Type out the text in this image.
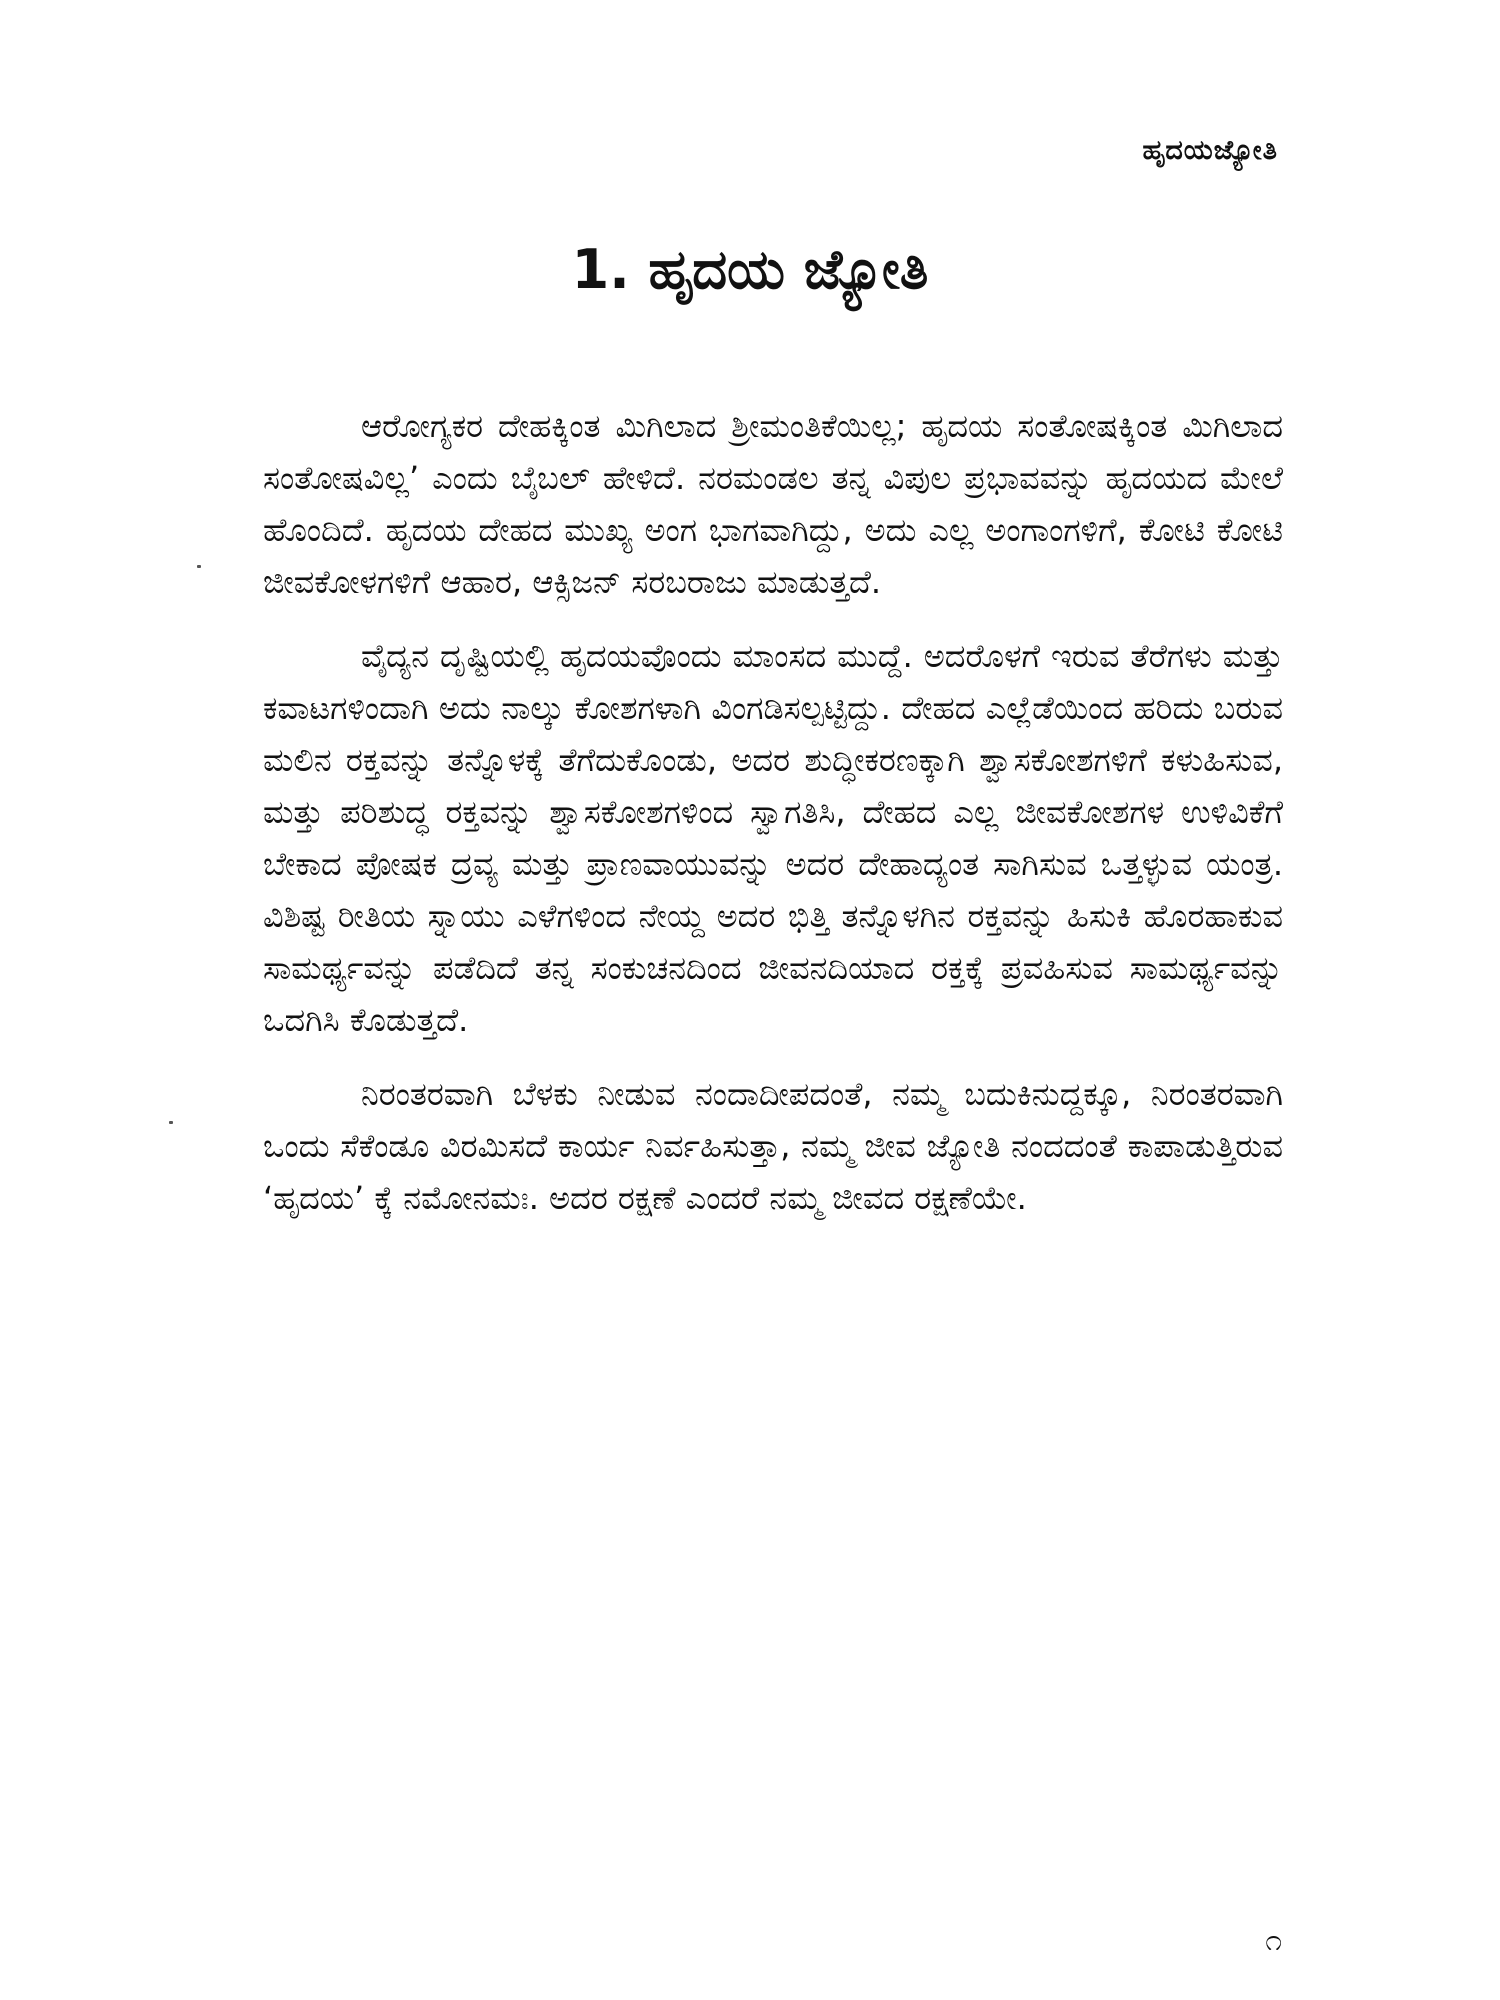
ಹೃದಯಜ್ಯೋತಿ
1. ಹೃದಯ ಜ್ಯೋತಿ

ಆರೋಗ್ಯಕರ ದೇಹಕ್ಕಿಂತ ಮಿಗಿಲಾದ ಶ್ರೀಮಂತಿಕೆಯಿಲ್ಲ; ಹೃದಯ ಸಂತೋಷಕ್ಕಿಂತ ಮಿಗಿಲಾದ ಸಂತೋಷವಿಲ್ಲ’ ಎಂದು ಬೈಬಲ್ ಹೇಳಿದೆ. ನರಮಂಡಲ ತನ್ನ ವಿಪುಲ ಪ್ರಭಾವವನ್ನು ಹೃದಯದ ಮೇಲೆ ಹೊಂದಿದೆ. ಹೃದಯ ದೇಹದ ಮುಖ್ಯ ಅಂಗ ಭಾಗವಾಗಿದ್ದು, ಅದು ಎಲ್ಲ ಅಂಗಾಂಗಳಿಗೆ, ಕೋಟಿ ಕೋಟಿ ಜೀವಕೋಳಗಳಿಗೆ ಆಹಾರ, ಆಕ್ಸಿಜನ್ ಸರಬರಾಜು ಮಾಡುತ್ತದೆ.

ವೈದ್ಯನ ದೃಷ್ಟಿಯಲ್ಲಿ ಹೃದಯವೊಂದು ಮಾಂಸದ ಮುದ್ದೆ. ಅದರೊಳಗೆ ಇರುವ ತೆರೆಗಳು ಮತ್ತು ಕವಾಟಗಳಿಂದಾಗಿ ಅದು ನಾಲ್ಕು ಕೋಶಗಳಾಗಿ ವಿಂಗಡಿಸಲ್ಪಟ್ಟಿದ್ದು. ದೇಹದ ಎಲ್ಲೆಡೆಯಿಂದ ಹರಿದು ಬರುವ ಮಲಿನ ರಕ್ತವನ್ನು ತನ್ನೊಳಕ್ಕೆ ತೆಗೆದುಕೊಂಡು, ಅದರ ಶುದ್ಧೀಕರಣಕ್ಕಾಗಿ ಶ್ವಾಸಕೋಶಗಳಿಗೆ ಕಳುಹಿಸುವ, ಮತ್ತು ಪರಿಶುದ್ಧ ರಕ್ತವನ್ನು ಶ್ವಾಸಕೋಶಗಳಿಂದ ಸ್ವಾಗತಿಸಿ, ದೇಹದ ಎಲ್ಲ ಜೀವಕೋಶಗಳ ಉಳಿವಿಕೆಗೆ ಬೇಕಾದ ಪೋಷಕ ದ್ರವ್ಯ ಮತ್ತು ಪ್ರಾಣವಾಯುವನ್ನು ಅದರ ದೇಹಾದ್ಯಂತ ಸಾಗಿಸುವ ಒತ್ತಳ್ಳುವ ಯಂತ್ರ. ವಿಶಿಷ್ಟ ರೀತಿಯ ಸ್ನಾಯು ಎಳೆಗಳಿಂದ ನೇಯ್ದ ಅದರ ಭಿತ್ತಿ ತನ್ನೊಳಗಿನ ರಕ್ತವನ್ನು ಹಿಸುಕಿ ಹೊರಹಾಕುವ ಸಾಮರ್ಥ್ಯವನ್ನು ಪಡೆದಿದೆ ತನ್ನ ಸಂಕುಚನದಿಂದ ಜೀವನದಿಯಾದ ರಕ್ತಕ್ಕೆ ಪ್ರವಹಿಸುವ ಸಾಮರ್ಥ್ಯವನ್ನು ಒದಗಿಸಿ ಕೊಡುತ್ತದೆ.

ನಿರಂತರವಾಗಿ ಬೆಳಕು ನೀಡುವ ನಂದಾದೀಪದಂತೆ, ನಮ್ಮ ಬದುಕಿನುದ್ದಕ್ಕೂ, ನಿರಂತರವಾಗಿ ಒಂದು ಸೆಕೆಂಡೂ ವಿರಮಿಸದೆ ಕಾರ್ಯ ನಿರ್ವಹಿಸುತ್ತಾ, ನಮ್ಮ ಜೀವ ಜ್ಯೋತಿ ನಂದದಂತೆ ಕಾಪಾಡುತ್ತಿರುವ ‘ಹೃದಯ’ ಕ್ಕೆ ನಮೋನಮಃ. ಅದರ ರಕ್ಷಣೆ ಎಂದರೆ ನಮ್ಮ ಜೀವದ ರಕ್ಷಣೆಯೇ.

೧
